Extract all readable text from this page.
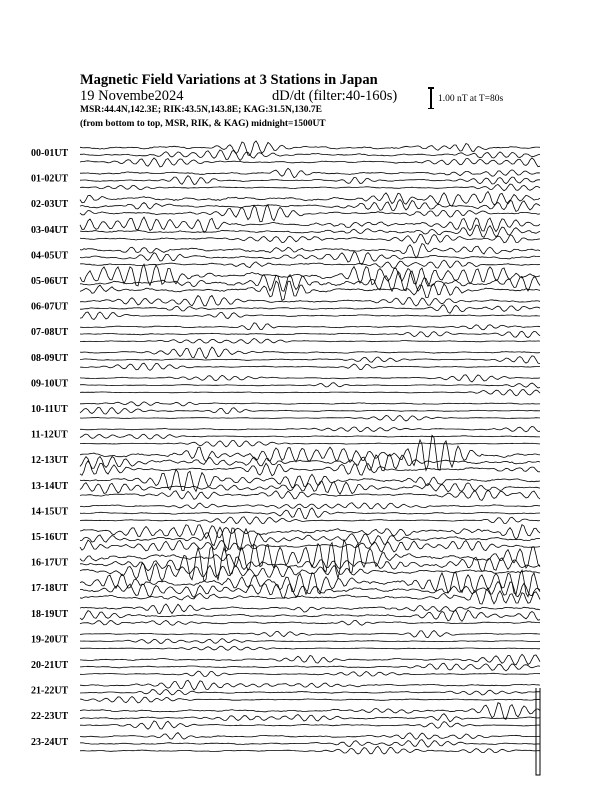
Magnetic Field Variations at 3 Stations in Japan
19 Novembe2024	dD/dt (filter:40-160s)
MSR:44.4N,142.3E; RIK:43.5N,143.8E; KAG:31.5N,130.7E
(from bottom to top, MSR, RIK, & KAG) midnight=1500UT
1.00 nT at T=80s
00-01UT
01-02UT
02-03UT
03-04UT
04-05UT
05-06UT
06-07UT
07-08UT
08-09UT
09-10UT
10-11UT
11-12UT
12-13UT
13-14UT
14-15UT
15-16UT
16-17UT
17-18UT
18-19UT
19-20UT
20-21UT
21-22UT
22-23UT
23-24UT
